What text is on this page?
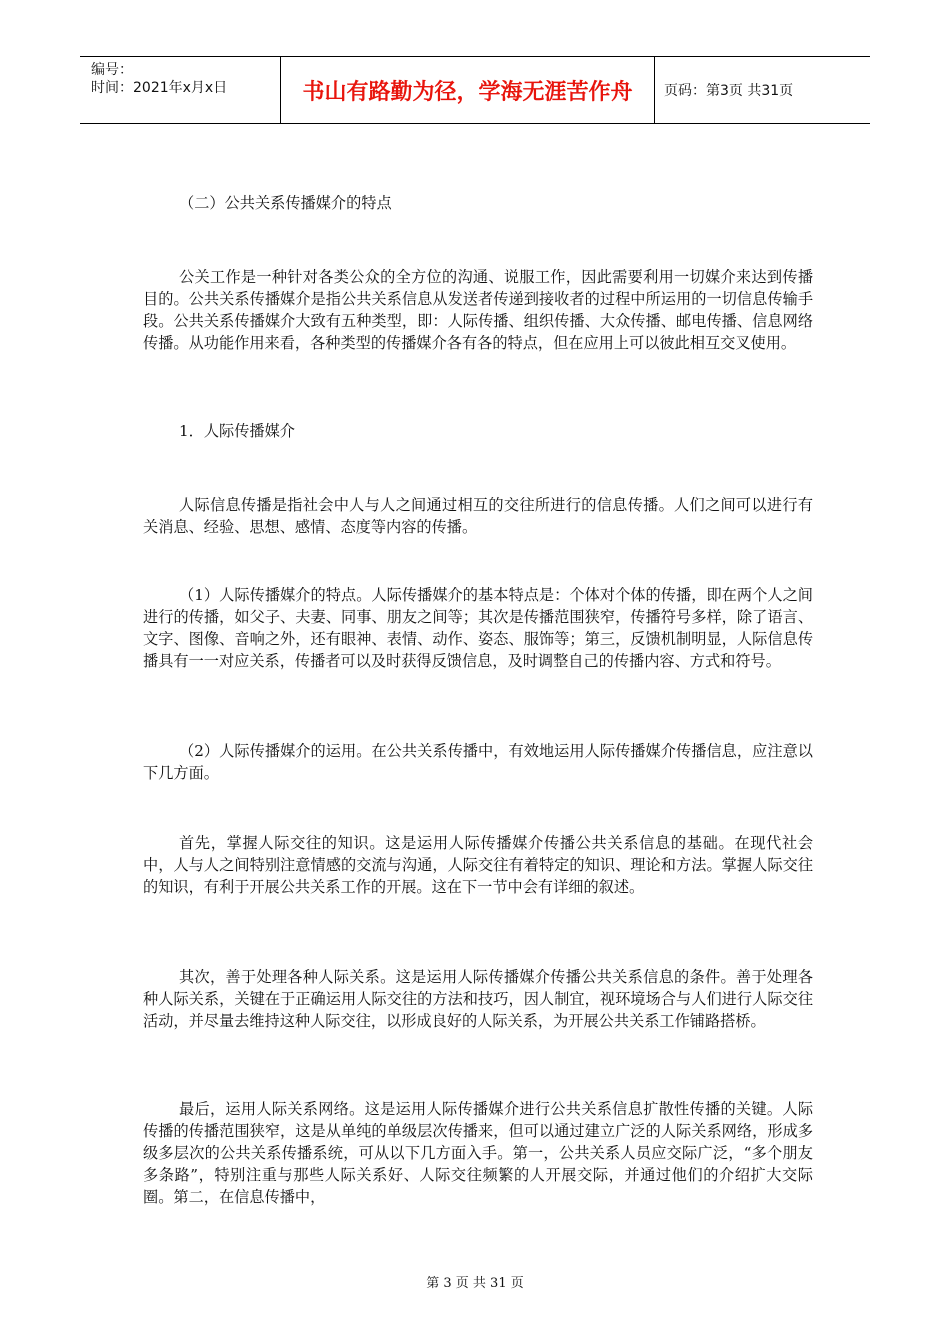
编号：
时间：2021年x月x日	书山有路勤为径，学海无涯苦作舟	页码：第3页 共31页

（二）公共关系传播媒介的特点

公关工作是一种针对各类公众的全方位的沟通、说服工作，因此需要利用一切媒介来达到传播目的。公共关系传播媒介是指公共关系信息从发送者传递到接收者的过程中所运用的一切信息传输手段。公共关系传播媒介大致有五种类型，即：人际传播、组织传播、大众传播、邮电传播、信息网络传播。从功能作用来看，各种类型的传播媒介各有各的特点，但在应用上可以彼此相互交叉使用。

1．人际传播媒介

人际信息传播是指社会中人与人之间通过相互的交往所进行的信息传播。人们之间可以进行有关消息、经验、思想、感情、态度等内容的传播。

（1）人际传播媒介的特点。人际传播媒介的基本特点是：个体对个体的传播，即在两个人之间进行的传播，如父子、夫妻、同事、朋友之间等；其次是传播范围狭窄，传播符号多样，除了语言、文字、图像、音响之外，还有眼神、表情、动作、姿态、服饰等；第三，反馈机制明显，人际信息传播具有一一对应关系，传播者可以及时获得反馈信息，及时调整自己的传播内容、方式和符号。

（2）人际传播媒介的运用。在公共关系传播中，有效地运用人际传播媒介传播信息，应注意以下几方面。

首先，掌握人际交往的知识。这是运用人际传播媒介传播公共关系信息的基础。在现代社会中，人与人之间特别注意情感的交流与沟通，人际交往有着特定的知识、理论和方法。掌握人际交往的知识，有利于开展公共关系工作的开展。这在下一节中会有详细的叙述。

其次，善于处理各种人际关系。这是运用人际传播媒介传播公共关系信息的条件。善于处理各种人际关系，关键在于正确运用人际交往的方法和技巧，因人制宜，视环境场合与人们进行人际交往活动，并尽量去维持这种人际交往，以形成良好的人际关系，为开展公共关系工作铺路搭桥。

最后，运用人际关系网络。这是运用人际传播媒介进行公共关系信息扩散性传播的关键。人际传播的传播范围狭窄，这是从单纯的单级层次传播来，但可以通过建立广泛的人际关系网络，形成多级多层次的公共关系传播系统，可从以下几方面入手。第一，公共关系人员应交际广泛，“多个朋友多条路”，特别注重与那些人际关系好、人际交往频繁的人开展交际，并通过他们的介绍扩大交际圈。第二，在信息传播中，

第 3 页 共 31 页
